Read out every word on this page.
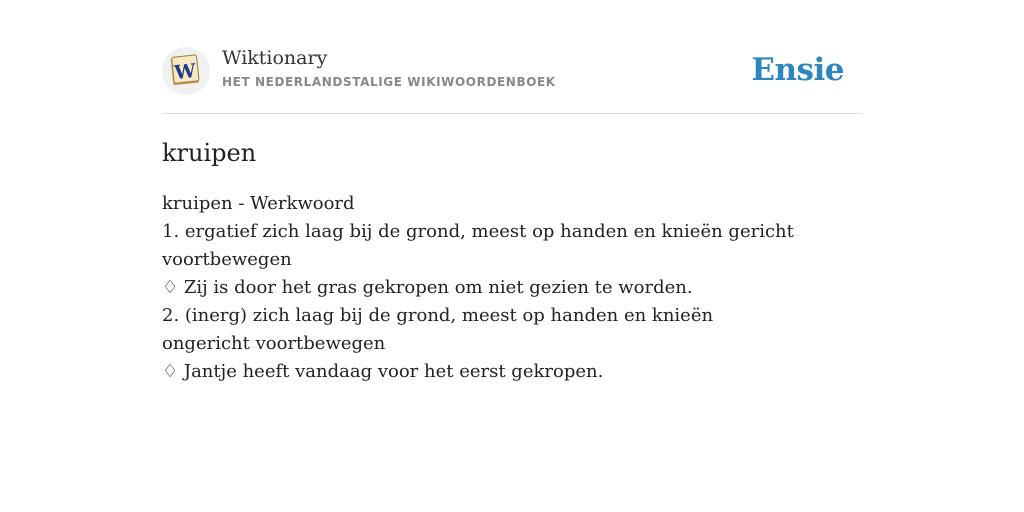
W
Wiktionary
HET NEDERLANDSTALIGE WIKIWOORDENBOEK	Ensie
kruipen

kruipen - Werkwoord

1. ergatief zich laag bij de grond, meest op handen en knieën gericht voortbewegen

♢ Zij is door het gras gekropen om niet gezien te worden.

2. (inerg) zich laag bij de grond, meest op handen en knieën ongericht voortbewegen

♢ Jantje heeft vandaag voor het eerst gekropen.
